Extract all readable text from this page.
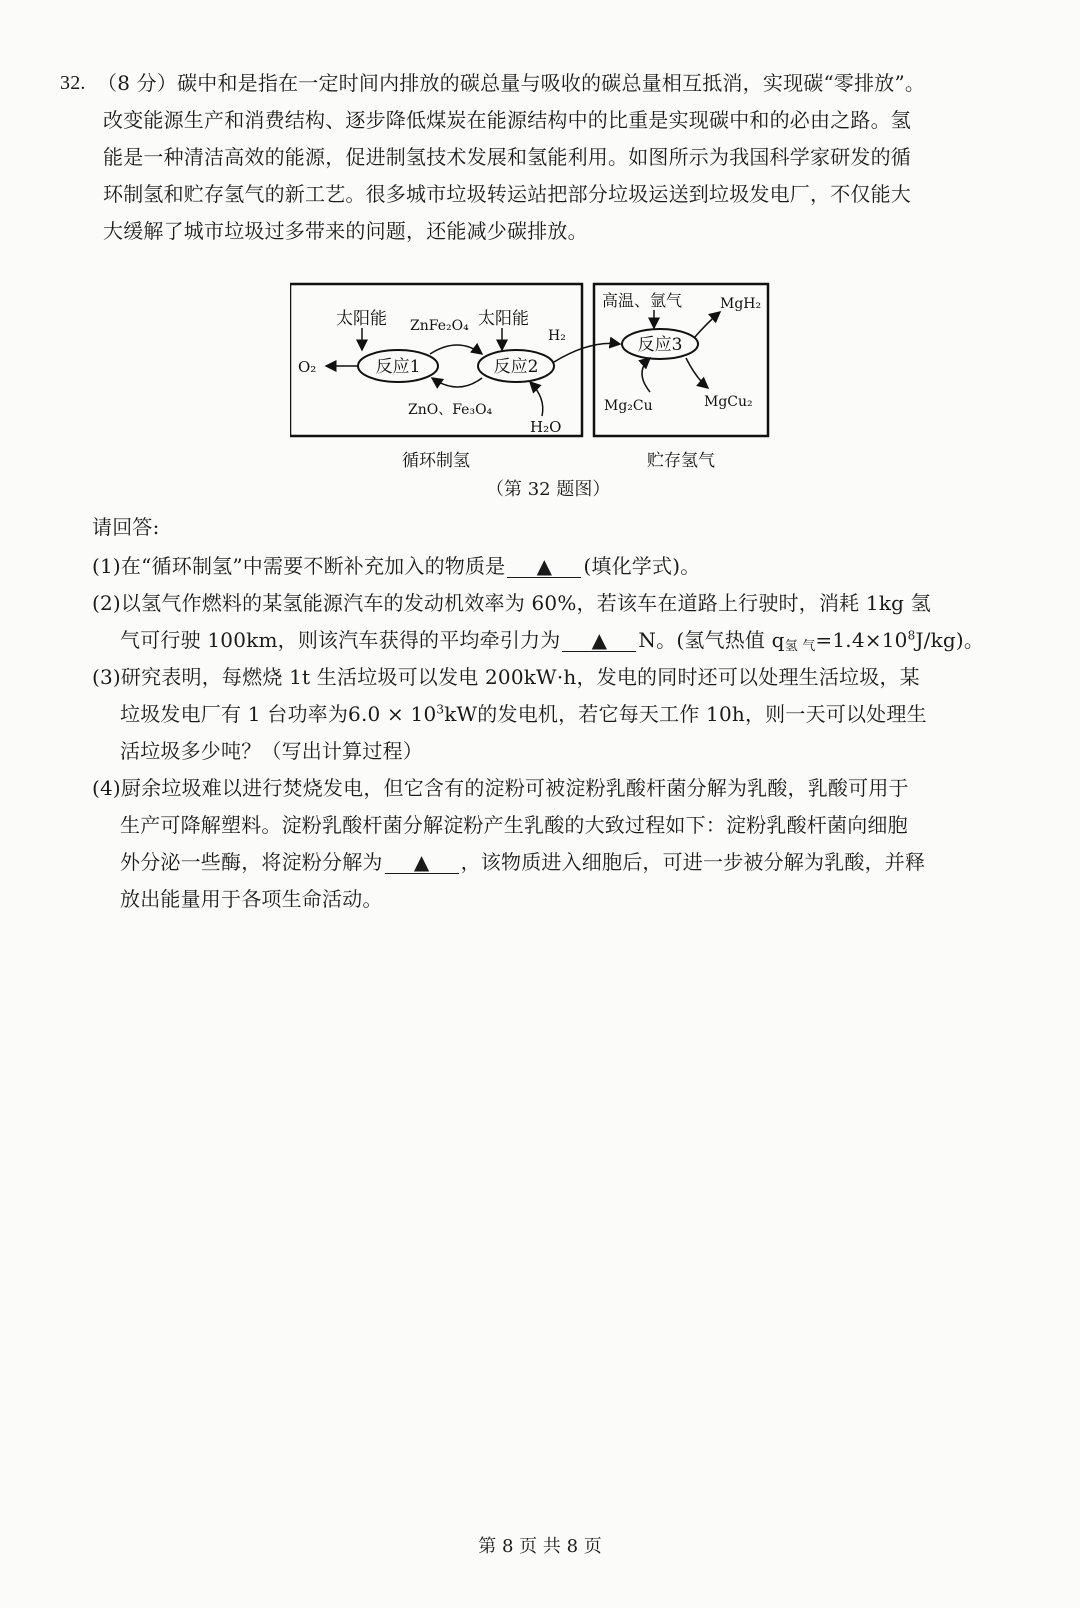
32. （8 分）碳中和是指在一定时间内排放的碳总量与吸收的碳总量相互抵消，实现碳“零排放”。
改变能源生产和消费结构、逐步降低煤炭在能源结构中的比重是实现碳中和的必由之路。氢
能是一种清洁高效的能源，促进制氢技术发展和氢能利用。如图所示为我国科学家研发的循
环制氢和贮存氢气的新工艺。很多城市垃圾转运站把部分垃圾运送到垃圾发电厂，不仅能大
大缓解了城市垃圾过多带来的问题，还能减少碳排放。
反应1	反应2
太阳能 ZnFe₂O₄ 太阳能
H₂
O₂
ZnO、Fe₃O₄
H₂O
高温、氩气	MgH₂
反应3
Mg₂Cu	MgCu₂
循环制氢	贮存氢气
（第 32 题图）
请回答:
(1)在“循环制氢”中需要不断补充加入的物质是 ▲ (填化学式)。
(2)以氢气作燃料的某氢能源汽车的发动机效率为 60%，若该车在道路上行驶时，消耗 1kg 氢
气可行驶 100km，则该汽车获得的平均牵引力为 ▲ N。(氢气热值 q氢 气$=1.4\times 10^8J/kg$)。
(3)研究表明，每燃烧 1t 生活垃圾可以发电 200kW·h，发电的同时还可以处理生活垃圾，某
垃圾发电厂有 1 台功率为$6.0 \times 10^3kW$的发电机，若它每天工作 10h，则一天可以处理生
活垃圾多少吨？（写出计算过程）
(4)厨余垃圾难以进行焚烧发电，但它含有的淀粉可被淀粉乳酸杆菌分解为乳酸，乳酸可用于
生产可降解塑料。淀粉乳酸杆菌分解淀粉产生乳酸的大致过程如下：淀粉乳酸杆菌向细胞
外分泌一些酶，将淀粉分解为 ▲ ，该物质进入细胞后，可进一步被分解为乳酸，并释
放出能量用于各项生命活动。
第 8 页 共 8 页
